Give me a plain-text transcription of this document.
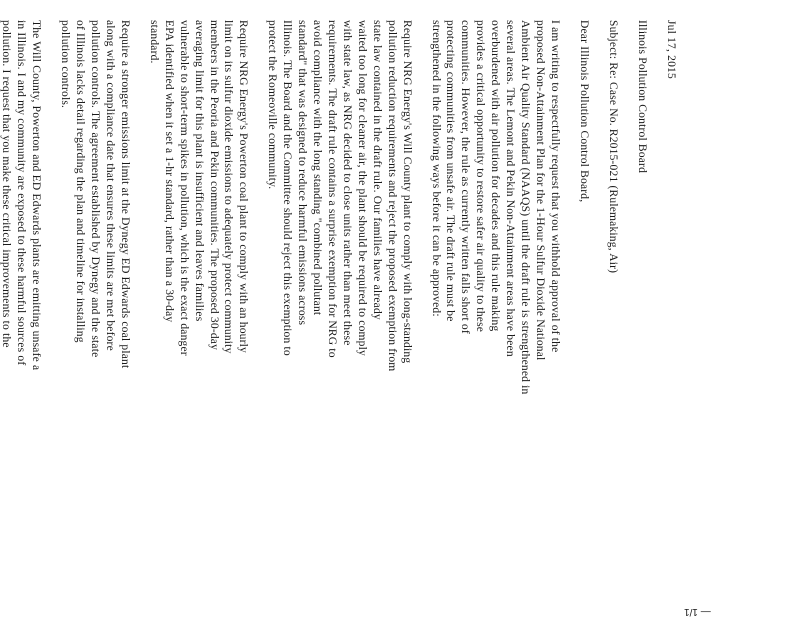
Jul 17, 2015
Illinois Pollution Control Board
Subject: Re: Case No. R2015-021 (Rulemaking, Air)
Dear Illinois Pollution Control Board,
I am writing to respectfully request that you withhold approval of the
proposed Non-Attainment Plan for the 1-Hour Sulfur Dioxide National
Ambient Air Quality Standard (NAAQS) until the draft rule is strengthened in
several areas. The Lemont and Pekin Non-Attainment areas have been
overburdened with air pollution for decades and this rule making
provides a critical opportunity to restore safer air quality to these
communities. However, the rule as currently written falls short of
protecting communities from unsafe air. The draft rule must be
strengthened in the following ways before it can be approved:
Require NRG Energy's Will County plant to comply with long-standing
pollution reduction requirements and reject the proposed exemption from
state law contained in the draft rule. Our families have already
waited too long for cleaner air, the plant should be required to comply
with state law, as NRG decided to close units rather than meet these
requirements. The draft rule contains a surprise exemption for NRG to
avoid compliance with the long standing "combined pollutant
standard" that was designed to reduce harmful emissions across
Illinois. The Board and the Committee should reject this exemption to
protect the Romeoville community.
Require NRG Energy's Powerton coal plant to comply with an hourly
limit on its sulfur dioxide emissions to adequately protect community
members in the Peoria and Pekin communities. The proposed 30-day
averaging limit for this plant is insufficient and leaves families
vulnerable to short-term spikes in pollution, which is the exact danger
EPA identified when it set a 1-hr standard, rather than a 30-day
standard.
Require a stronger emissions limit at the Dynegy ED Edwards coal plant
along with a compliance date that ensures these limits are met before
pollution controls. The agreement established by Dynegy and the state
of Illinois lacks detail regarding the plan and timeline for installing
pollution controls.
The Will County, Powerton and ED Edwards plants are emitting unsafe a
in Illinois. I and my community are exposed to these harmful sources of
pollution. I request that you make these critical improvements to the
— 1/1
